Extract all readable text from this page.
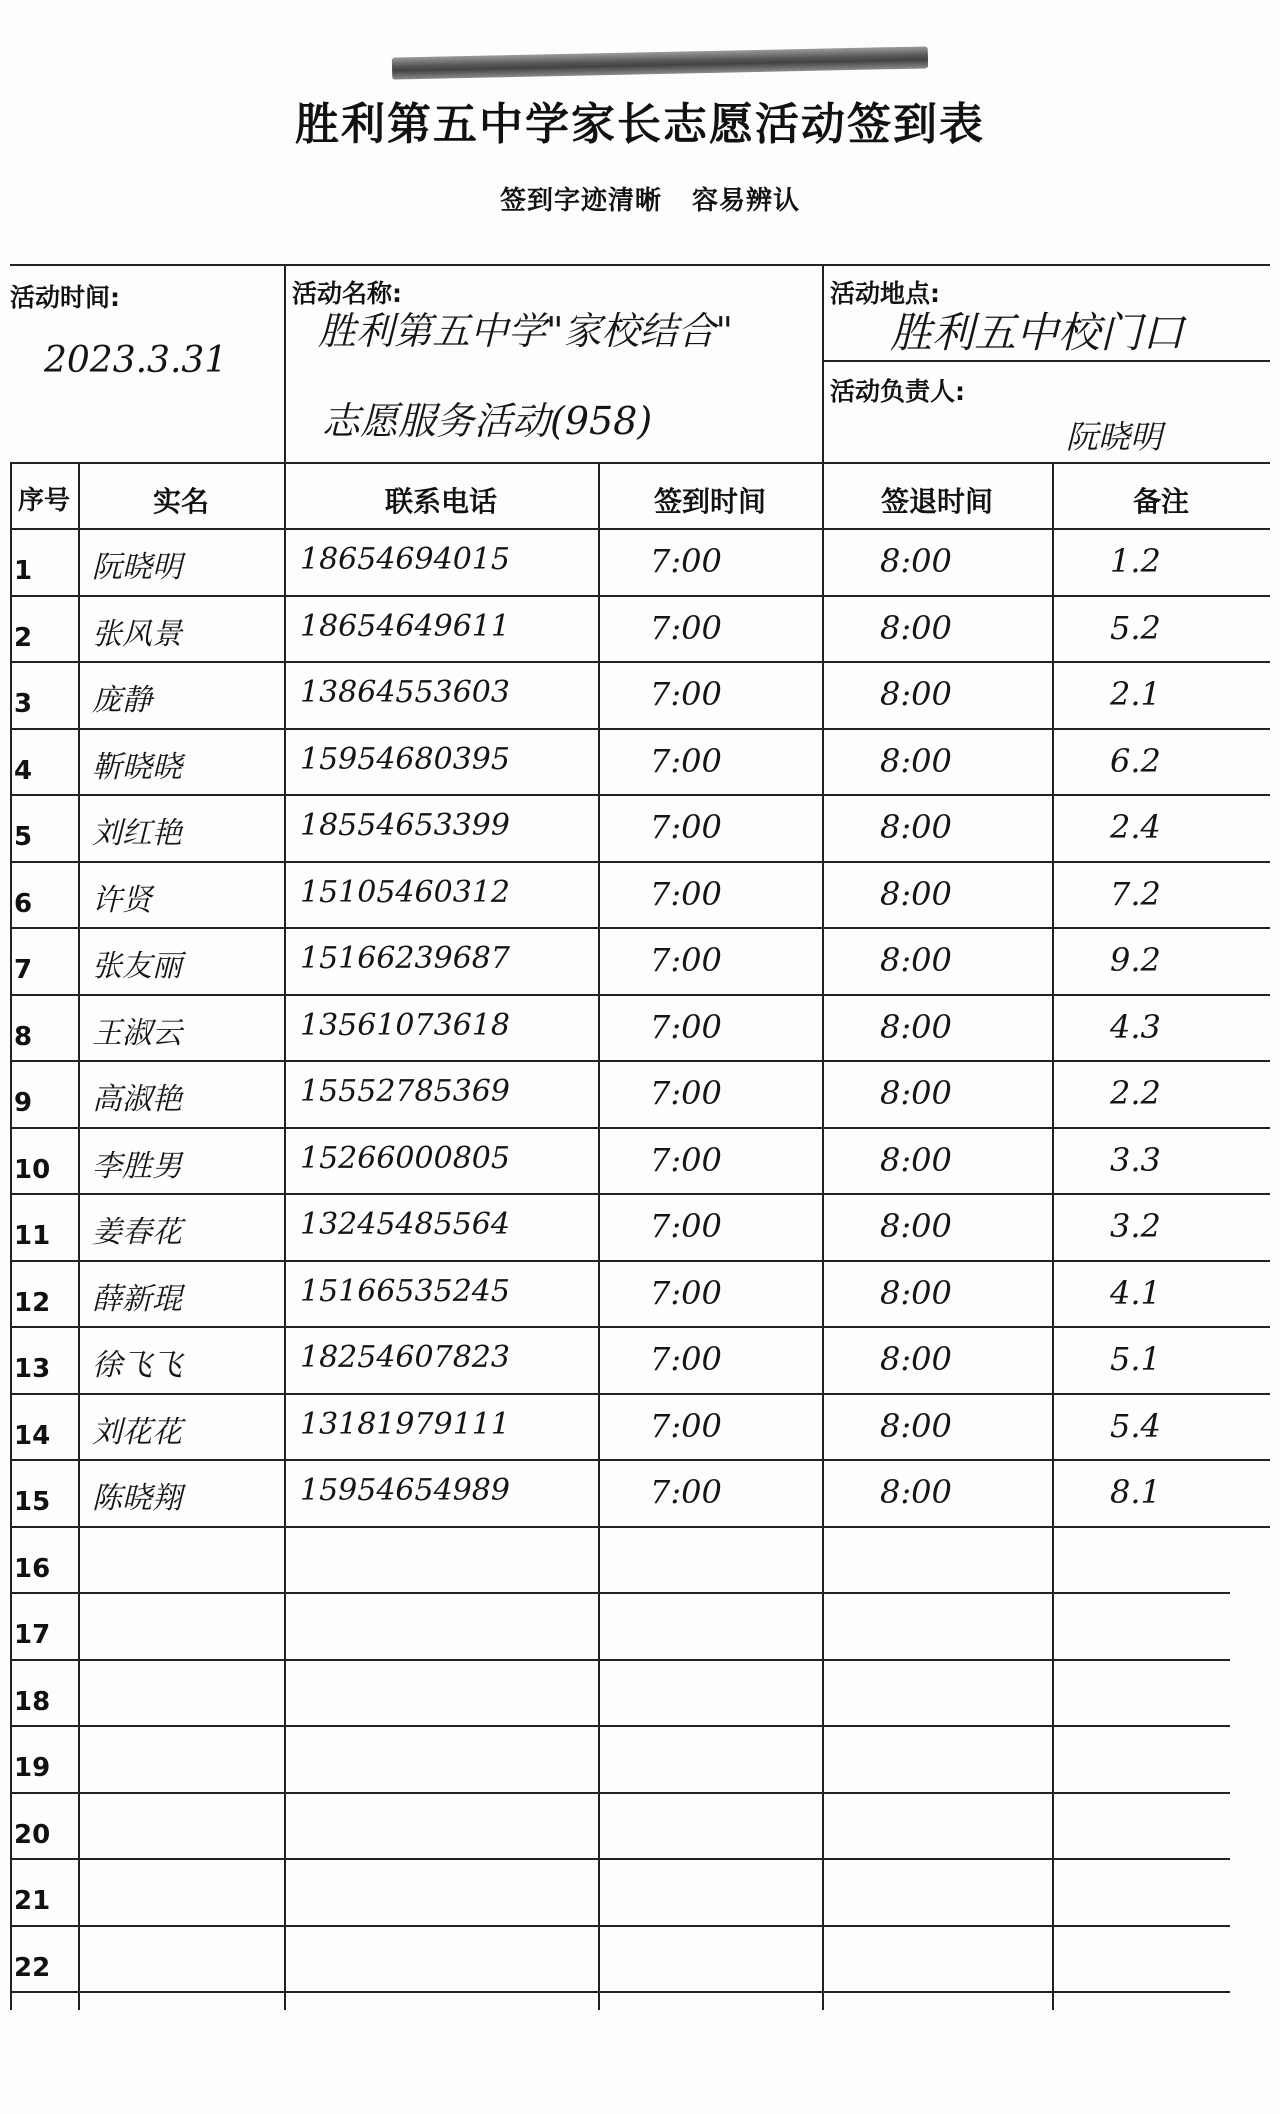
胜利第五中学家长志愿活动签到表
签到字迹清晰 容易辨认
活动时间:
2023.3.31
活动名称:
胜利第五中学"家校结合"
志愿服务活动(958)
活动地点:
胜利五中校门口
活动负责人:
阮晓明
序号	实名	联系电话	签到时间	签退时间	备注
1	阮晓明	18654694015	7:00	8:00	1.2
2	张风景	18654649611	7:00	8:00	5.2
3	庞静	13864553603	7:00	8:00	2.1
4	靳晓晓	15954680395	7:00	8:00	6.2
5	刘红艳	18554653399	7:00	8:00	2.4
6	许贤	15105460312	7:00	8:00	7.2
7	张友丽	15166239687	7:00	8:00	9.2
8	王淑云	13561073618	7:00	8:00	4.3
9	高淑艳	15552785369	7:00	8:00	2.2
10 李胜男	15266000805	7:00	8:00	3.3
11 姜春花	13245485564	7:00	8:00	3.2
12 薛新琨	15166535245	7:00	8:00	4.1
13 徐飞飞	18254607823	7:00	8:00	5.1
14 刘花花	13181979111	7:00	8:00	5.4
15 陈晓翔	15954654989	7:00	8:00	8.1
16
17
18
19
20
21
22
